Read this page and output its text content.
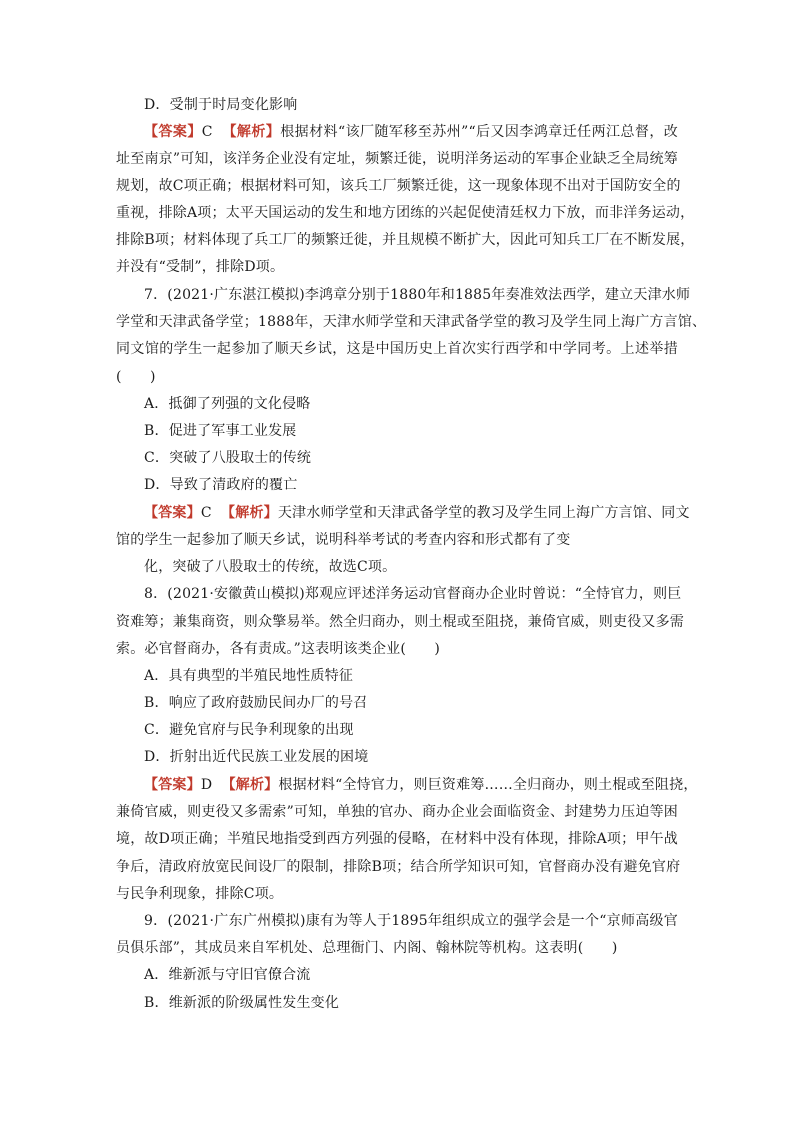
D．受制于时局变化影响
【答案】C 【解析】根据材料“该厂随军移至苏州”“后又因李鸿章迁任两江总督，改
址至南京”可知，该洋务企业没有定址，频繁迁徙，说明洋务运动的军事企业缺乏全局统筹
规划，故C项正确；根据材料可知，该兵工厂频繁迁徙，这一现象体现不出对于国防安全的
重视，排除A项；太平天国运动的发生和地方团练的兴起促使清廷权力下放，而非洋务运动，
排除B项；材料体现了兵工厂的频繁迁徙，并且规模不断扩大，因此可知兵工厂在不断发展，
并没有“受制”，排除D项。
7．(2021·广东湛江模拟)李鸿章分别于1880年和1885年奏准效法西学，建立天津水师
学堂和天津武备学堂；1888年，天津水师学堂和天津武备学堂的教习及学生同上海广方言馆、
同文馆的学生一起参加了顺天乡试，这是中国历史上首次实行西学和中学同考。上述举措
(　　)
A．抵御了列强的文化侵略
B．促进了军事工业发展
C．突破了八股取士的传统
D．导致了清政府的覆亡
【答案】C 【解析】天津水师学堂和天津武备学堂的教习及学生同上海广方言馆、同文
馆的学生一起参加了顺天乡试，说明科举考试的考查内容和形式都有了变
化，突破了八股取士的传统，故选C项。
8．(2021·安徽黄山模拟)郑观应评述洋务运动官督商办企业时曾说：“全恃官力，则巨
资难筹；兼集商资，则众擎易举。然全归商办，则土棍或至阻挠，兼倚官威，则吏役又多需
索。必官督商办，各有责成。”这表明该类企业(　　)
A．具有典型的半殖民地性质特征
B．响应了政府鼓励民间办厂的号召
C．避免官府与民争利现象的出现
D．折射出近代民族工业发展的困境
【答案】D 【解析】根据材料“全恃官力，则巨资难筹……全归商办，则土棍或至阻挠，
兼倚官威，则吏役又多需索”可知，单独的官办、商办企业会面临资金、封建势力压迫等困
境，故D项正确；半殖民地指受到西方列强的侵略，在材料中没有体现，排除A项；甲午战
争后，清政府放宽民间设厂的限制，排除B项；结合所学知识可知，官督商办没有避免官府
与民争利现象，排除C项。
9．(2021·广东广州模拟)康有为等人于1895年组织成立的强学会是一个“京师高级官
员俱乐部”，其成员来自军机处、总理衙门、内阁、翰林院等机构。这表明(　　)
A．维新派与守旧官僚合流
B．维新派的阶级属性发生变化
